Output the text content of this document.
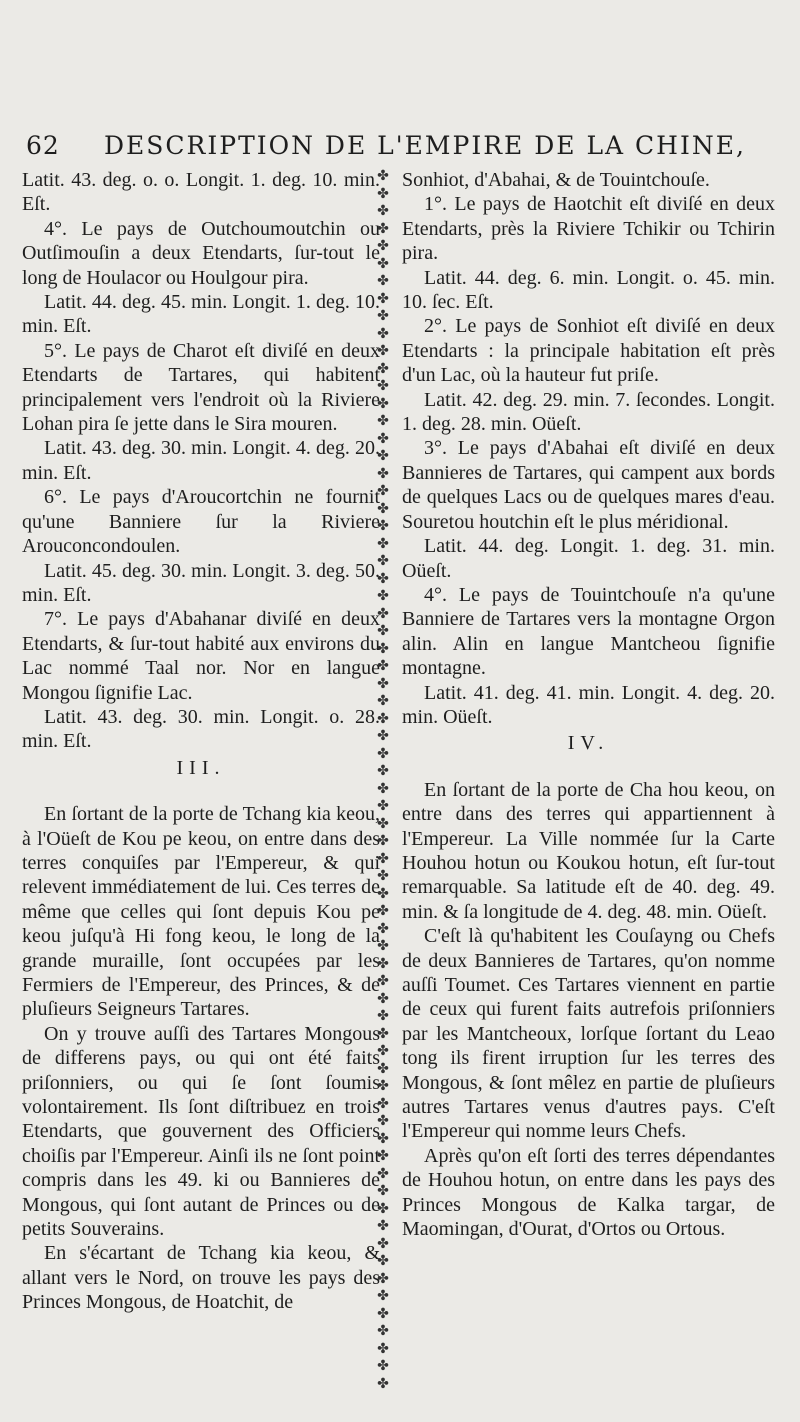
62 DESCRIPTION DE L'EMPIRE DE LA CHINE,

Latit. 43. deg. o. o. Longit. 1. deg. 10. min. Eſt.

4°. Le pays de Outchoumoutchin ou Outſimouſin a deux Etendarts, ſur-tout le long de Houlacor ou Houlgour pira.

Latit. 44. deg. 45. min. Longit. 1. deg. 10. min. Eſt.

5°. Le pays de Charot eſt diviſé en deux Etendarts de Tartares, qui habitent principalement vers l'endroit où la Riviere Lohan pira ſe jette dans le Sira mouren.

Latit. 43. deg. 30. min. Longit. 4. deg. 20. min. Eſt.

6°. Le pays d'Aroucortchin ne fournit qu'une Banniere ſur la Riviere Arouconcondoulen.

Latit. 45. deg. 30. min. Longit. 3. deg. 50. min. Eſt.

7°. Le pays d'Abahanar diviſé en deux Etendarts, & ſur-tout habité aux environs du Lac nommé Taal nor. Nor en langue Mongou ſignifie Lac.

Latit. 43. deg. 30. min. Longit. o. 28. min. Eſt.

III.

En ſortant de la porte de Tchang kia keou, à l'Oüeſt de Kou pe keou, on entre dans des terres conquiſes par l'Empereur, & qui relevent immédiatement de lui. Ces terres de même que celles qui ſont depuis Kou pe keou juſqu'à Hi fong keou, le long de la grande muraille, ſont occupées par les Fermiers de l'Empereur, des Princes, & de pluſieurs Seigneurs Tartares.

On y trouve auſſi des Tartares Mongous de differens pays, ou qui ont été faits priſonniers, ou qui ſe ſont ſoumis volontairement. Ils ſont diſtribuez en trois Etendarts, que gouvernent des Officiers choiſis par l'Empereur. Ainſi ils ne ſont point compris dans les 49. ki ou Bannieres de Mongous, qui ſont autant de Princes ou de petits Souverains.

En s'écartant de Tchang kia keou, & allant vers le Nord, on trouve les pays des Princes Mongous, de Hoatchit, de

✤
✤
✤
✤
✤
✤
✤
✤
✤
✤
✤
✤
✤
✤
✤
✤
✤
✤
✤
✤
✤
✤
✤
✤
✤
✤
✤
✤
✤
✤
✤
✤
✤
✤
✤
✤
✤
✤
✤
✤
✤
✤
✤
✤
✤
✤
✤
✤
✤
✤
✤
✤
✤
✤
✤
✤
✤
✤
✤
✤
✤
✤
✤
✤
✤
✤
✤
✤
✤
✤

Sonhiot, d'Abahai, & de Touintchouſe.

1°. Le pays de Haotchit eſt diviſé en deux Etendarts, près la Riviere Tchikir ou Tchirin pira.

Latit. 44. deg. 6. min. Longit. o. 45. min. 10. ſec. Eſt.

2°. Le pays de Sonhiot eſt diviſé en deux Etendarts : la principale habitation eſt près d'un Lac, où la hauteur fut priſe.

Latit. 42. deg. 29. min. 7. ſecondes. Longit. 1. deg. 28. min. Oüeſt.

3°. Le pays d'Abahai eſt diviſé en deux Bannieres de Tartares, qui campent aux bords de quelques Lacs ou de quelques mares d'eau. Souretou houtchin eſt le plus méridional.

Latit. 44. deg. Longit. 1. deg. 31. min. Oüeſt.

4°. Le pays de Touintchouſe n'a qu'une Banniere de Tartares vers la montagne Orgon alin. Alin en langue Mantcheou ſignifie montagne.

Latit. 41. deg. 41. min. Longit. 4. deg. 20. min. Oüeſt.

IV.

En ſortant de la porte de Cha hou keou, on entre dans des terres qui appartiennent à l'Empereur. La Ville nommée ſur la Carte Houhou hotun ou Koukou hotun, eſt ſur-tout remarquable. Sa latitude eſt de 40. deg. 49. min. & ſa longitude de 4. deg. 48. min. Oüeſt.

C'eſt là qu'habitent les Couſayng ou Chefs de deux Bannieres de Tartares, qu'on nomme auſſi Toumet. Ces Tartares viennent en partie de ceux qui furent faits autrefois priſonniers par les Mantcheoux, lorſque ſortant du Leao tong ils firent irruption ſur les terres des Mongous, & ſont mêlez en partie de pluſieurs autres Tartares venus d'autres pays. C'eſt l'Empereur qui nomme leurs Chefs.

Après qu'on eſt ſorti des terres dépendantes de Houhou hotun, on entre dans les pays des Princes Mongous de Kalka targar, de Maomingan, d'Ourat, d'Ortos ou Ortous.
